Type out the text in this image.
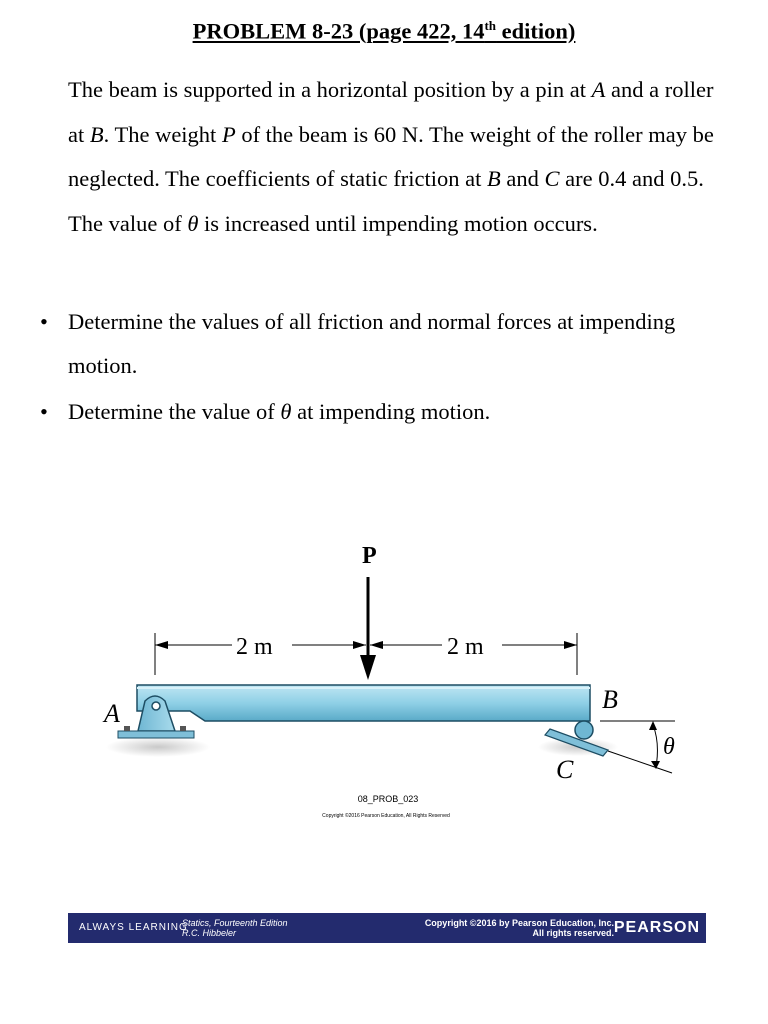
PROBLEM 8-23 (page 422, 14th edition)
The beam is supported in a horizontal position by a pin at A and a roller at B. The weight P of the beam is 60 N. The weight of the roller may be neglected. The coefficients of static friction at B and C are 0.4 and 0.5. The value of θ is increased until impending motion occurs.
• Determine the values of all friction and normal forces at impending motion.
• Determine the value of θ at impending motion.
P
2 m	2 m
A	B
C
θ
08_PROB_023
Copyright ©2016 Pearson Education, All Rights Reserved
ALWAYS LEARNING
Statics, Fourteenth Edition
R.C. Hibbeler
Copyright ©2016 by Pearson Education, Inc.
All rights reserved. PEARSON
